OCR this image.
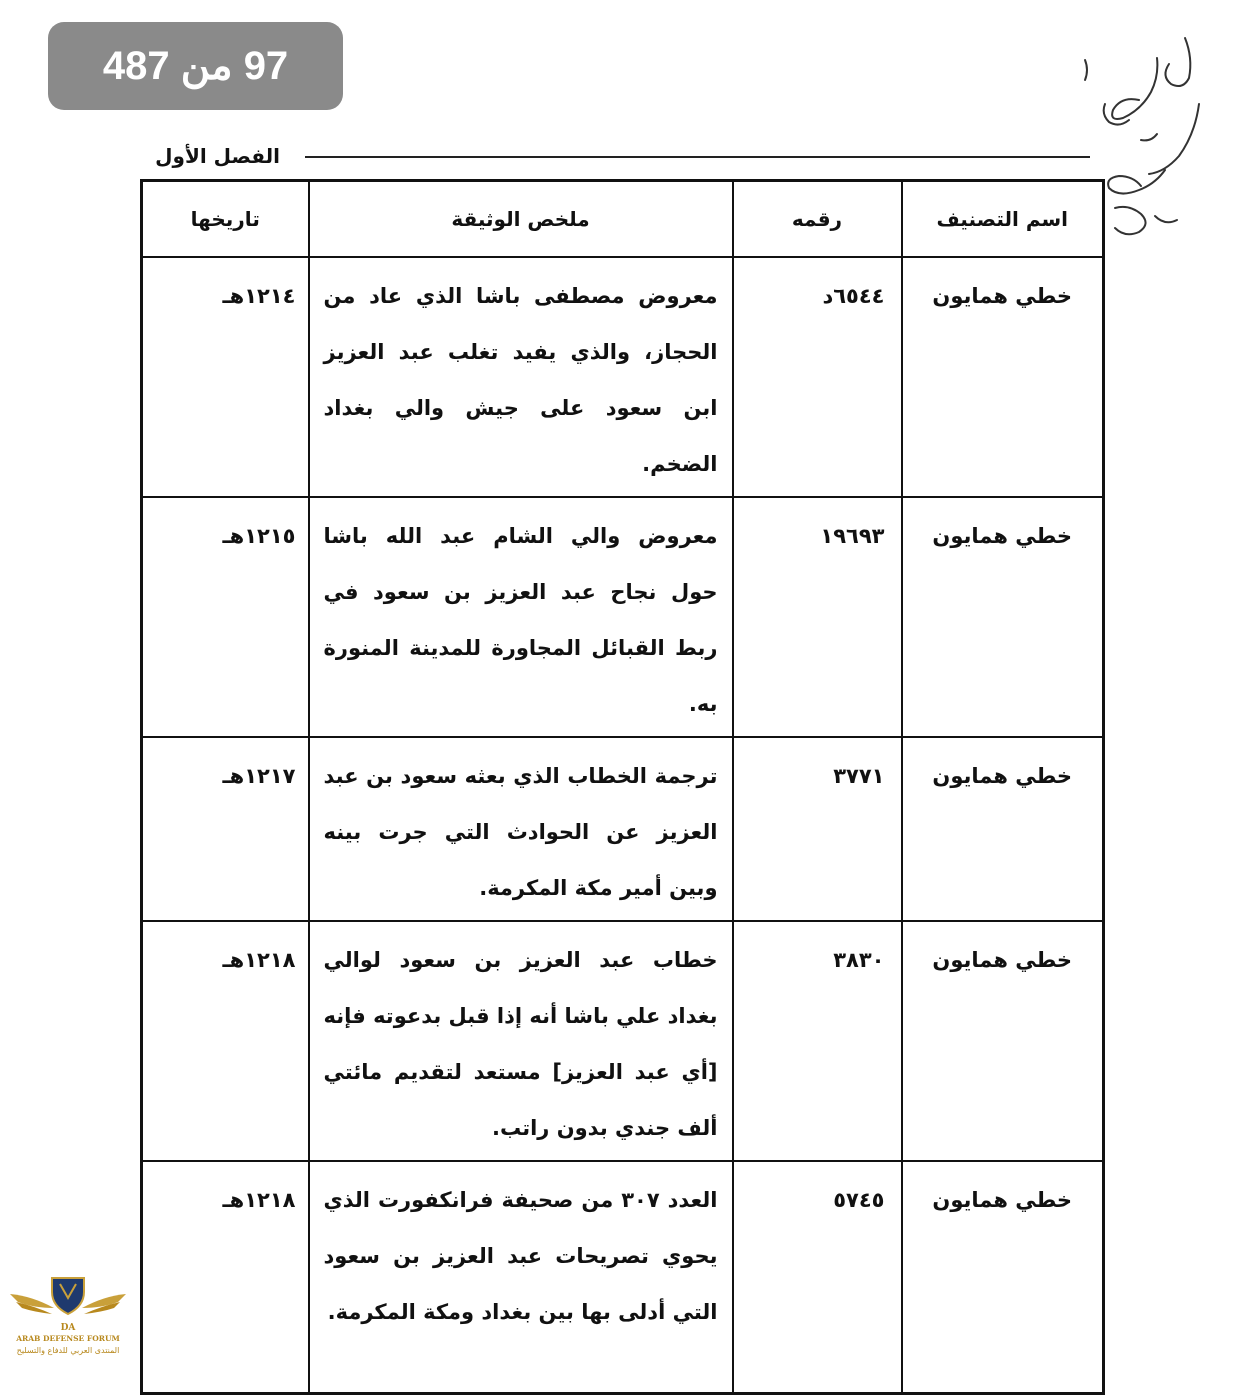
97 من 487
الفصل الأول
اسم التصنيف	رقمه	ملخص الوثيقة	تاريخها
خطي همايون	٦٥٤٤د	معروض مصطفى باشا الذي عاد من الحجاز، والذي يفيد تغلب عبد العزيز ابن سعود على جيش والي بغداد الضخم.	١٢١٤هـ
خطي همايون	١٩٦٩٣	معروض والي الشام عبد الله باشا حول نجاح عبد العزيز بن سعود في ربط القبائل المجاورة للمدينة المنورة به.	١٢١٥هـ
خطي همايون	٣٧٧١	ترجمة الخطاب الذي بعثه سعود بن عبد العزيز عن الحوادث التي جرت بينه وبين أمير مكة المكرمة.	١٢١٧هـ
خطي همايون	٣٨٣٠	خطاب عبد العزيز بن سعود لوالي بغداد علي باشا أنه إذا قبل بدعوته فإنه [أي عبد العزيز] مستعد لتقديم مائتي ألف جندي بدون راتب.	١٢١٨هـ
خطي همايون	٥٧٤٥	العدد ٣٠٧ من صحيفة فرانكفورت الذي يحوي تصريحات عبد العزيز بن سعود التي أدلى بها بين بغداد ومكة المكرمة.	١٢١٨هـ
DA
ARAB DEFENSE FORUM
المنتدى العربي للدفاع والتسليح
